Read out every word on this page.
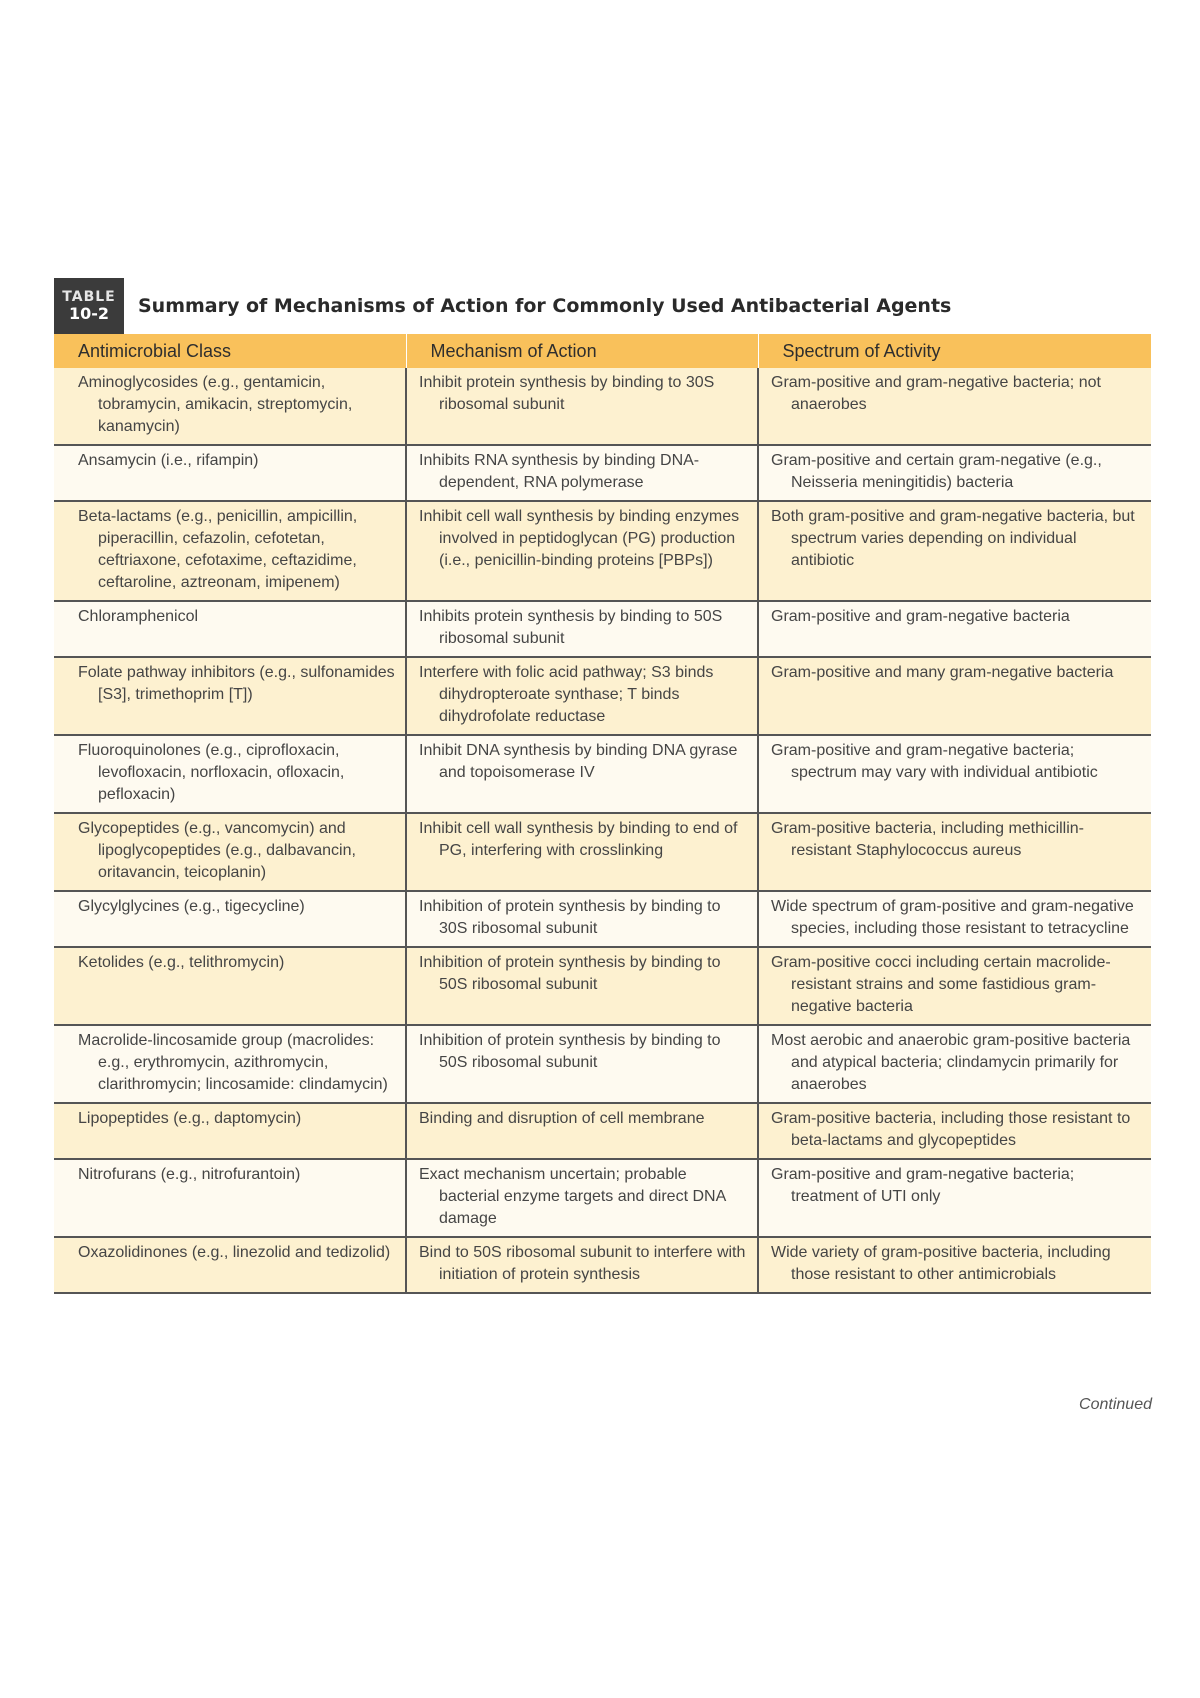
TABLE
10-2 Summary of Mechanisms of Action for Commonly Used Antibacterial Agents
Antimicrobial Class	Mechanism of Action	Spectrum of Activity

Aminoglycosides (e.g., gentamicin, tobramycin, amikacin, streptomycin, kanamycin)	Inhibit protein synthesis by binding to 30S ribosomal subunit	Gram-positive and gram-negative bacteria; not anaerobes

Ansamycin (i.e., rifampin)	Inhibits RNA synthesis by binding DNA-dependent, RNA polymerase	Gram-positive and certain gram-negative (e.g., Neisseria meningitidis) bacteria

Beta-lactams (e.g., penicillin, ampicillin, piperacillin, cefazolin, cefotetan, ceftriaxone, cefotaxime, ceftazidime, ceftaroline, aztreonam, imipenem)	Inhibit cell wall synthesis by binding enzymes involved in peptidoglycan (PG) production (i.e., penicillin-binding proteins [PBPs])	Both gram-positive and gram-negative bacteria, but spectrum varies depending on individual antibiotic

Chloramphenicol	Inhibits protein synthesis by binding to 50S ribosomal subunit	Gram-positive and gram-negative bacteria

Folate pathway inhibitors (e.g., sulfonamides [S3], trimethoprim [T])	Interfere with folic acid pathway; S3 binds dihydropteroate synthase; T binds dihydrofolate reductase	Gram-positive and many gram-negative bacteria

Fluoroquinolones (e.g., ciprofloxacin, levofloxacin, norfloxacin, ofloxacin, pefloxacin)	Inhibit DNA synthesis by binding DNA gyrase and topoisomerase IV	Gram-positive and gram-negative bacteria; spectrum may vary with individual antibiotic

Glycopeptides (e.g., vancomycin) and lipoglycopeptides (e.g., dalbavancin, oritavancin, teicoplanin)	Inhibit cell wall synthesis by binding to end of PG, interfering with crosslinking	Gram-positive bacteria, including methicillin-resistant Staphylococcus aureus

Glycylglycines (e.g., tigecycline)	Inhibition of protein synthesis by binding to 30S ribosomal subunit	Wide spectrum of gram-positive and gram-negative species, including those resistant to tetracycline

Ketolides (e.g., telithromycin)	Inhibition of protein synthesis by binding to 50S ribosomal subunit	Gram-positive cocci including certain macrolide-resistant strains and some fastidious gram-negative bacteria

Macrolide-lincosamide group (macrolides: e.g., erythromycin, azithromycin, clarithromycin; lincosamide: clindamycin)	Inhibition of protein synthesis by binding to 50S ribosomal subunit	Most aerobic and anaerobic gram-positive bacteria and atypical bacteria; clindamycin primarily for anaerobes

Lipopeptides (e.g., daptomycin)	Binding and disruption of cell membrane	Gram-positive bacteria, including those resistant to beta-lactams and glycopeptides

Nitrofurans (e.g., nitrofurantoin)	Exact mechanism uncertain; probable bacterial enzyme targets and direct DNA damage	Gram-positive and gram-negative bacteria; treatment of UTI only

Oxazolidinones (e.g., linezolid and tedizolid)	Bind to 50S ribosomal subunit to interfere with initiation of protein synthesis	Wide variety of gram-positive bacteria, including those resistant to other antimicrobials
Continued
